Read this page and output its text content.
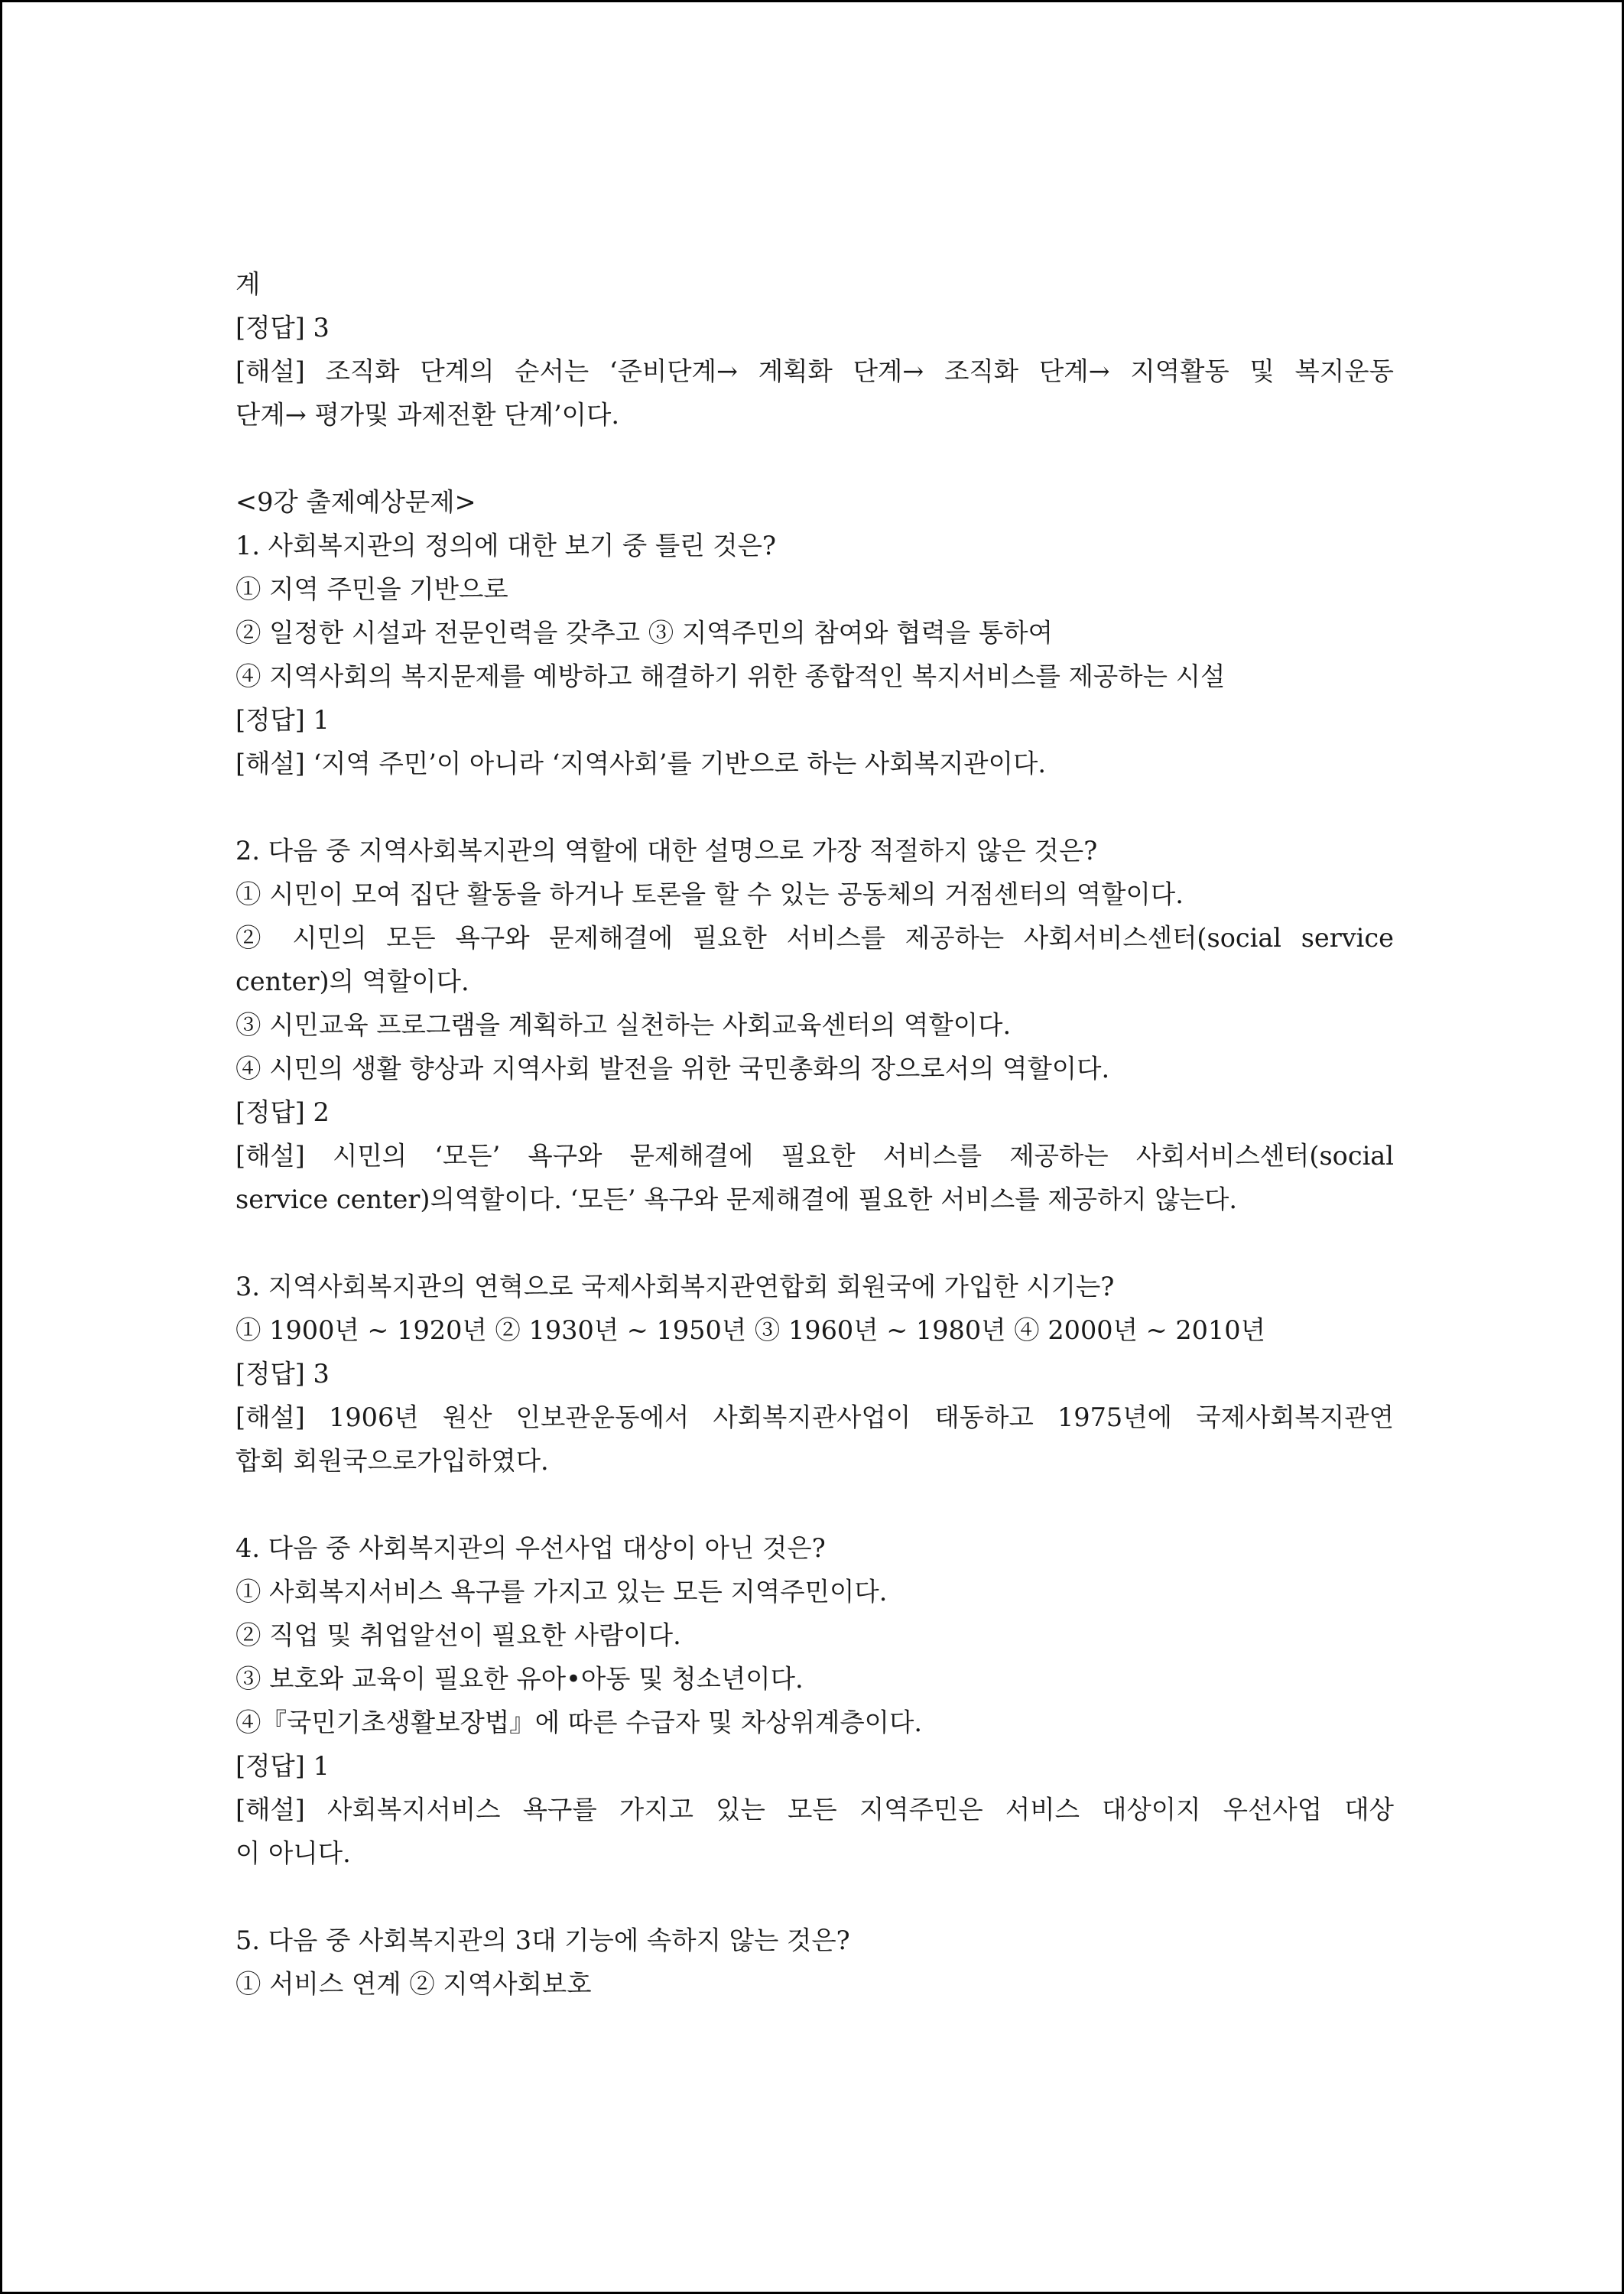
계
[정답] 3
[해설] 조직화 단계의 순서는 ‘준비단계→ 계획화 단계→ 조직화 단계→ 지역활동 및 복지운동
단계→ 평가및 과제전환 단계’이다.
<9강 출제예상문제>
1. 사회복지관의 정의에 대한 보기 중 틀린 것은?
① 지역 주민을 기반으로
② 일정한 시설과 전문인력을 갖추고 ③ 지역주민의 참여와 협력을 통하여
④ 지역사회의 복지문제를 예방하고 해결하기 위한 종합적인 복지서비스를 제공하는 시설
[정답] 1
[해설] ‘지역 주민’이 아니라 ‘지역사회’를 기반으로 하는 사회복지관이다.
2. 다음 중 지역사회복지관의 역할에 대한 설명으로 가장 적절하지 않은 것은?
① 시민이 모여 집단 활동을 하거나 토론을 할 수 있는 공동체의 거점센터의 역할이다.
② 시민의 모든 욕구와 문제해결에 필요한 서비스를 제공하는 사회서비스센터(social service
center)의 역할이다.
③ 시민교육 프로그램을 계획하고 실천하는 사회교육센터의 역할이다.
④ 시민의 생활 향상과 지역사회 발전을 위한 국민총화의 장으로서의 역할이다.
[정답] 2
[해설] 시민의 ‘모든’ 욕구와 문제해결에 필요한 서비스를 제공하는 사회서비스센터(social
service center)의역할이다. ‘모든’ 욕구와 문제해결에 필요한 서비스를 제공하지 않는다.
3. 지역사회복지관의 연혁으로 국제사회복지관연합회 회원국에 가입한 시기는?
① 1900년 ~ 1920년 ② 1930년 ~ 1950년 ③ 1960년 ~ 1980년 ④ 2000년 ~ 2010년
[정답] 3
[해설] 1906년 원산 인보관운동에서 사회복지관사업이 태동하고 1975년에 국제사회복지관연
합회 회원국으로가입하였다.
4. 다음 중 사회복지관의 우선사업 대상이 아닌 것은?
① 사회복지서비스 욕구를 가지고 있는 모든 지역주민이다.
② 직업 및 취업알선이 필요한 사람이다.
③ 보호와 교육이 필요한 유아•아동 및 청소년이다.
④『국민기초생활보장법』에 따른 수급자 및 차상위계층이다.
[정답] 1
[해설] 사회복지서비스 욕구를 가지고 있는 모든 지역주민은 서비스 대상이지 우선사업 대상
이 아니다.
5. 다음 중 사회복지관의 3대 기능에 속하지 않는 것은?
① 서비스 연계 ② 지역사회보호
